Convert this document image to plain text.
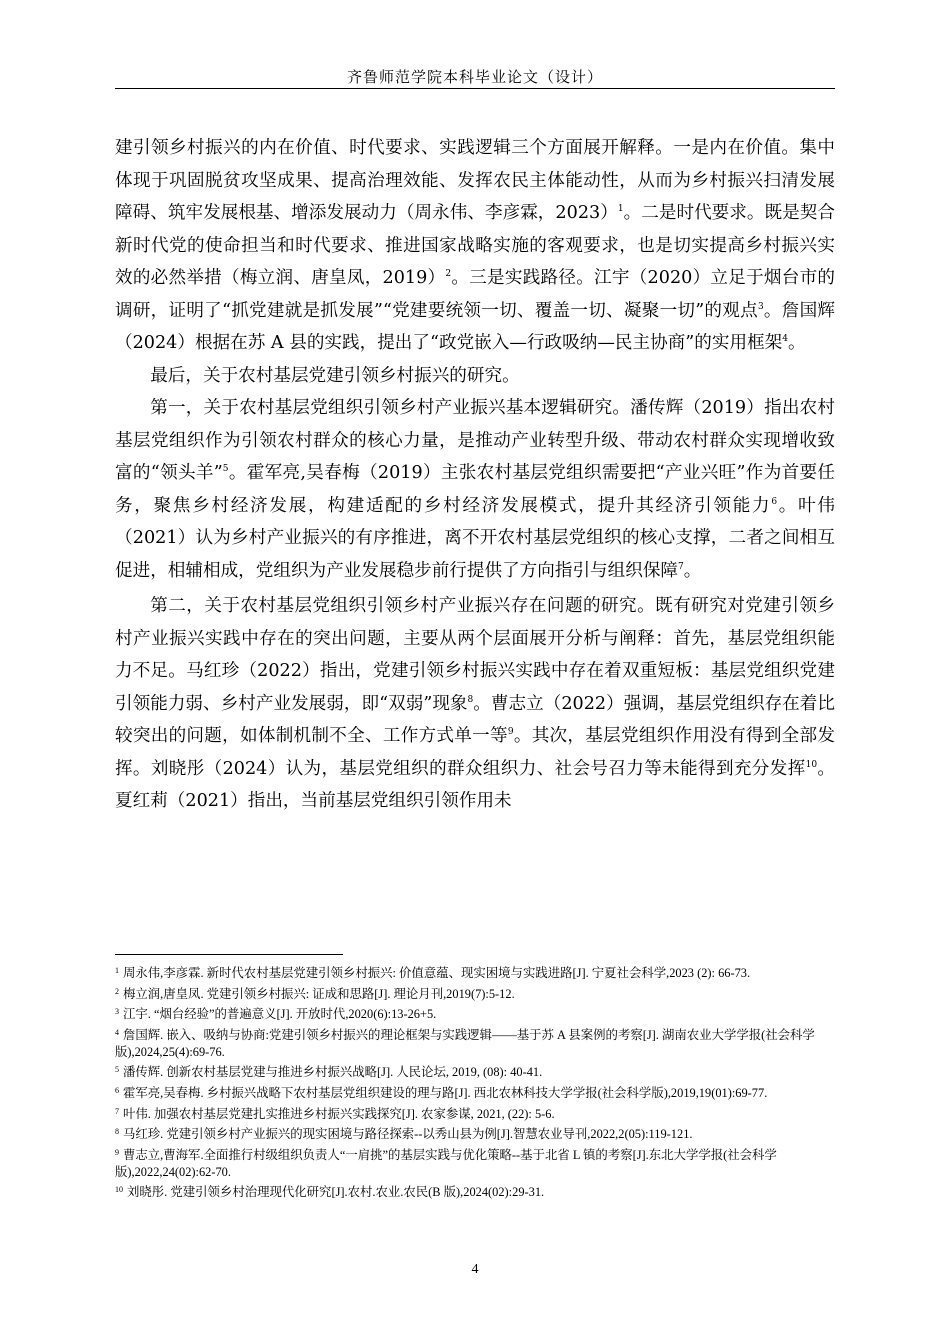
齐鲁师范学院本科毕业论文（设计）

建引领乡村振兴的内在价值、时代要求、实践逻辑三个方面展开解释。一是内在价值。集中体现于巩固脱贫攻坚成果、提高治理效能、发挥农民主体能动性，从而为乡村振兴扫清发展障碍、筑牢发展根基、增添发展动力（周永伟、李彦霖，2023）$^1$。二是时代要求。既是契合新时代党的使命担当和时代要求、推进国家战略实施的客观要求，也是切实提高乡村振兴实效的必然举措（梅立润、唐皇凤，2019）$^2$。三是实践路径。江宇（2020）立足于烟台市的调研，证明了“抓党建就是抓发展”“党建要统领一切、覆盖一切、凝聚一切”的观点$^3$。詹国辉（2024）根据在苏 A 县的实践，提出了“政党嵌入—行政吸纳—民主协商”的实用框架$^4$。

最后，关于农村基层党建引领乡村振兴的研究。

第一，关于农村基层党组织引领乡村产业振兴基本逻辑研究。潘传辉（2019）指出农村基层党组织作为引领农村群众的核心力量，是推动产业转型升级、带动农村群众实现增收致富的“领头羊”$^5$。霍军亮,吴春梅（2019）主张农村基层党组织需要把“产业兴旺”作为首要任务，聚焦乡村经济发展，构建适配的乡村经济发展模式，提升其经济引领能力$^6$。叶伟（2021）认为乡村产业振兴的有序推进，离不开农村基层党组织的核心支撑，二者之间相互促进，相辅相成，党组织为产业发展稳步前行提供了方向指引与组织保障$^7$。

第二，关于农村基层党组织引领乡村产业振兴存在问题的研究。既有研究对党建引领乡村产业振兴实践中存在的突出问题，主要从两个层面展开分析与阐释：首先，基层党组织能力不足。马红珍（2022）指出，党建引领乡村振兴实践中存在着双重短板：基层党组织党建引领能力弱、乡村产业发展弱，即“双弱”现象$^8$。曹志立（2022）强调，基层党组织存在着比较突出的问题，如体制机制不全、工作方式单一等$^9$。其次，基层党组织作用没有得到全部发挥。刘晓彤（2024）认为，基层党组织的群众组织力、社会号召力等未能得到充分发挥$^{10}$。夏红莉（2021）指出，当前基层党组织引领作用未

$^1$ 周永伟,李彦霖. 新时代农村基层党建引领乡村振兴: 价值意蕴、现实困境与实践进路[J]. 宁夏社会科学,2023 (2): 66-73.

$^2$ 梅立润,唐皇凤. 党建引领乡村振兴: 证成和思路[J]. 理论月刊,2019(7):5-12.

$^3$ 江宇. “烟台经验”的普遍意义[J]. 开放时代,2020(6):13-26+5.

$^4$ 詹国辉. 嵌入、吸纳与协商:党建引领乡村振兴的理论框架与实践逻辑——基于苏 A 县案例的考察[J]. 湖南农业大学学报(社会科学版),2024,25(4):69-76.

$^5$ 潘传辉. 创新农村基层党建与推进乡村振兴战略[J]. 人民论坛, 2019, (08): 40-41.

$^6$ 霍军亮,吴春梅. 乡村振兴战略下农村基层党组织建设的理与路[J]. 西北农林科技大学学报(社会科学版),2019,19(01):69-77.

$^7$ 叶伟. 加强农村基层党建扎实推进乡村振兴实践探究[J]. 农家参谋, 2021, (22): 5-6.

$^8$ 马红珍. 党建引领乡村产业振兴的现实困境与路径探索--以秀山县为例[J].智慧农业导刊,2022,2(05):119-121.

$^9$ 曹志立,曹海军.全面推行村级组织负责人“一肩挑”的基层实践与优化策略--基于北省 L 镇的考察[J].东北大学学报(社会科学版),2022,24(02):62-70.

$^{10}$ 刘晓彤. 党建引领乡村治理现代化研究[J].农村.农业.农民(B 版),2024(02):29-31.

4
